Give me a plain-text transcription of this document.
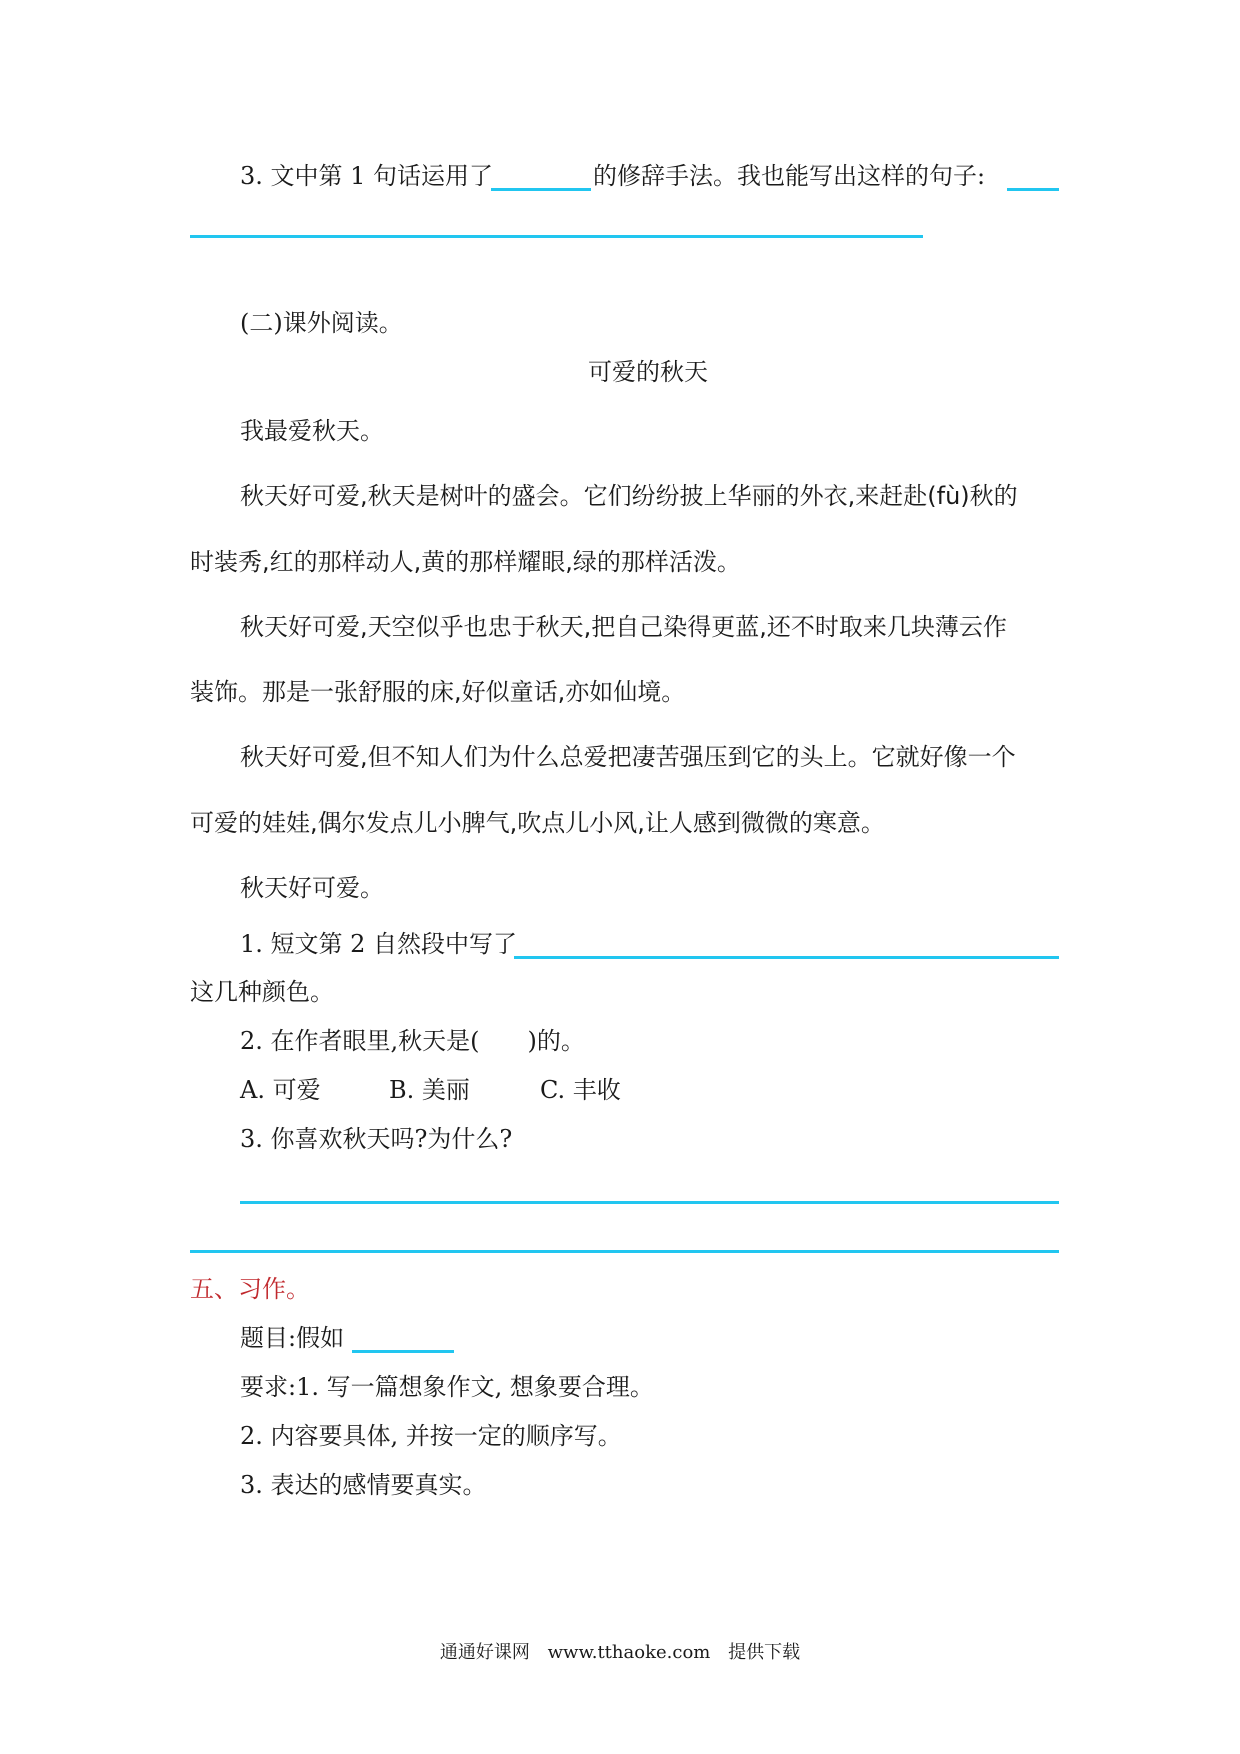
3. 文中第 1 句话运用了	的修辞手法。我也能写出这样的句子:
(二)课外阅读。
可爱的秋天
我最爱秋天。
秋天好可爱,秋天是树叶的盛会。它们纷纷披上华丽的外衣,来赶赴(fù)秋的
时装秀,红的那样动人,黄的那样耀眼,绿的那样活泼。
秋天好可爱,天空似乎也忠于秋天,把自己染得更蓝,还不时取来几块薄云作
装饰。那是一张舒服的床,好似童话,亦如仙境。
秋天好可爱,但不知人们为什么总爱把凄苦强压到它的头上。它就好像一个
可爱的娃娃,偶尔发点儿小脾气,吹点儿小风,让人感到微微的寒意。
秋天好可爱。
1. 短文第 2 自然段中写了
这几种颜色。
2. 在作者眼里,秋天是(　　)的。
A. 可爱	B. 美丽	C. 丰收
3. 你喜欢秋天吗?为什么?
五、习作。
题目:假如
要求:1. 写一篇想象作文, 想象要合理。
2. 内容要具体, 并按一定的顺序写。
3. 表达的感情要真实。
通通好课网 www.tthaoke.com 提供下载
